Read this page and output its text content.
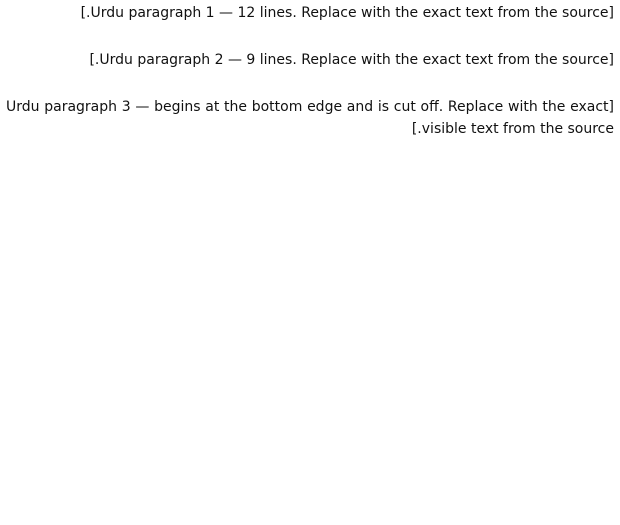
[Urdu paragraph 1 — 12 lines. Replace with the exact text from the source.]

[Urdu paragraph 2 — 9 lines. Replace with the exact text from the source.]

[Urdu paragraph 3 — begins at the bottom edge and is cut off. Replace with the exact visible text from the source.]
